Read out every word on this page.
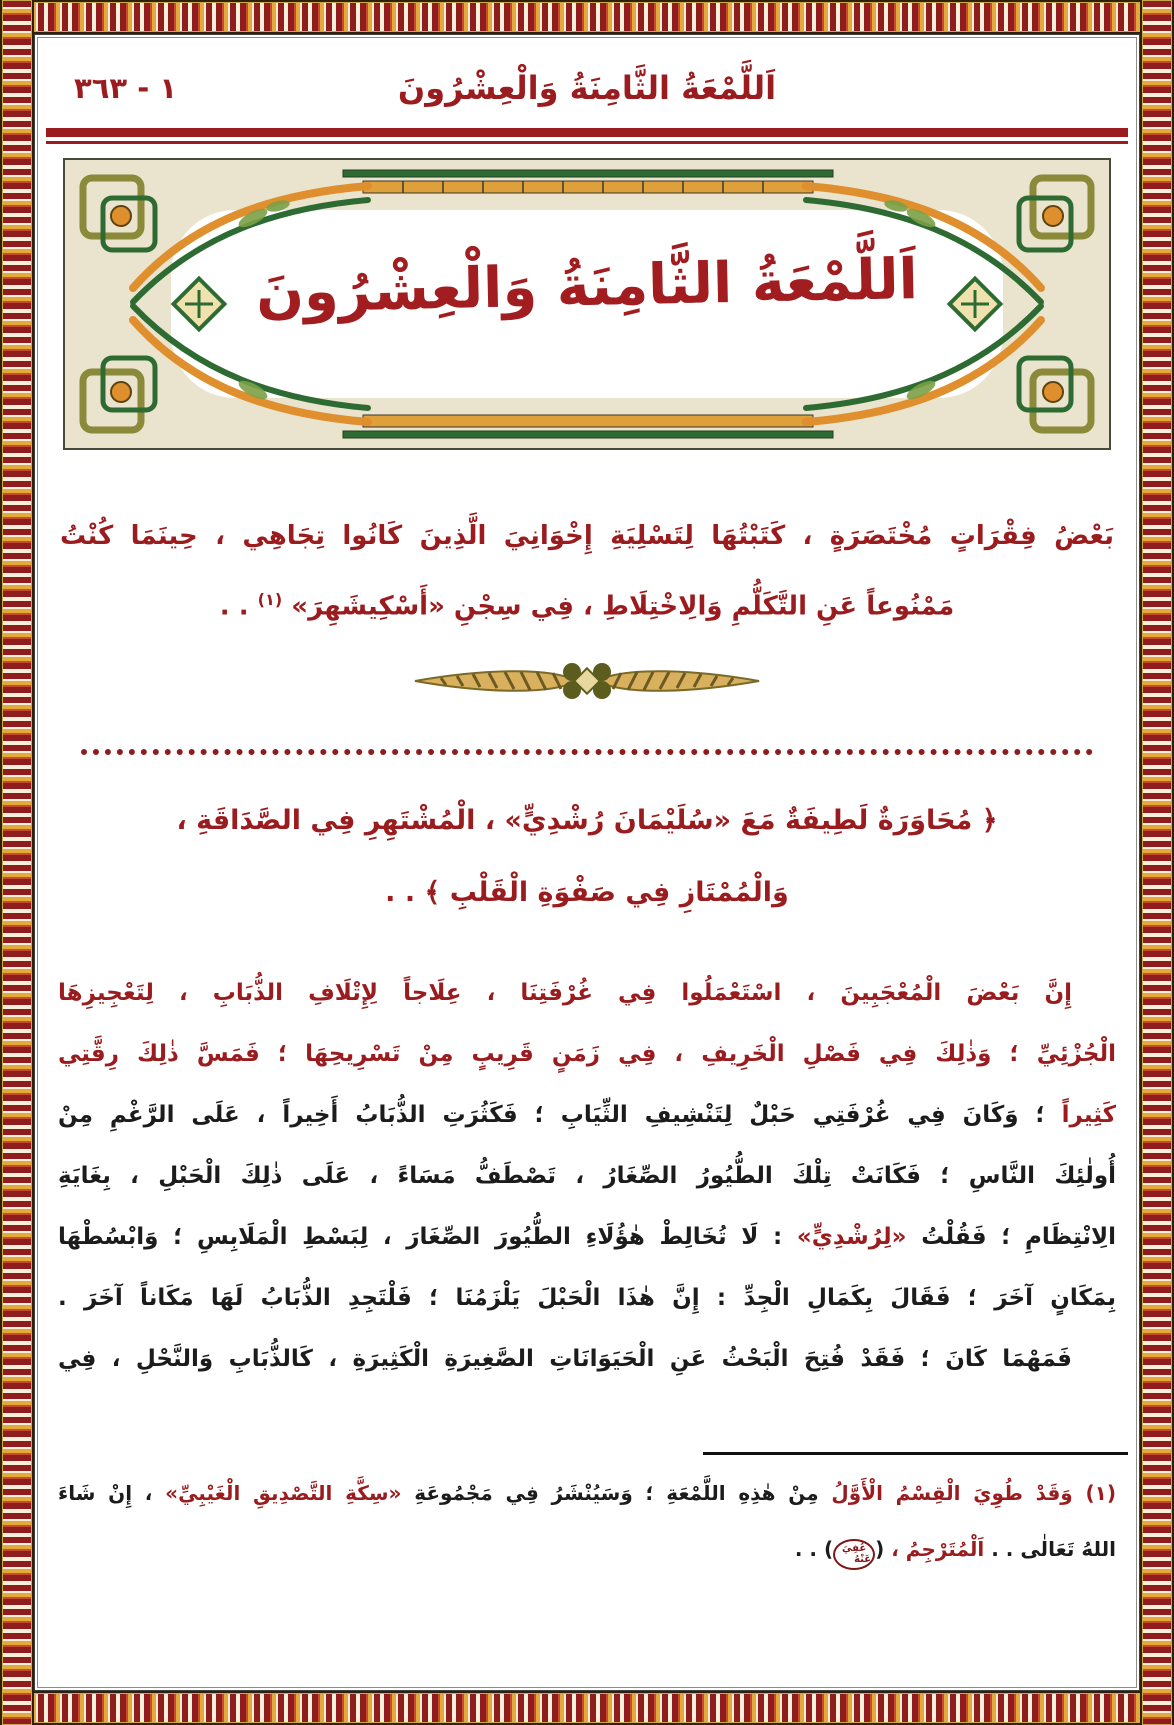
١ - ٣٦٣	اَللَّمْعَةُ الثَّامِنَةُ وَالْعِشْرُونَ
اَللَّمْعَةُ الثَّامِنَةُ وَالْعِشْرُونَ
بَعْضُ فِقْرَاتٍ مُخْتَصَرَةٍ ، كَتَبْتُهَا لِتَسْلِيَةِ إِخْوَانِيَ الَّذِينَ كَانُوا تِجَاهِي ، حِينَمَا كُنْتُ
مَمْنُوعاً عَنِ التَّكَلُّمِ وَالِاخْتِلَاطِ ، فِي سِجْنِ «أَسْكِيشَهِرَ» $^{(١)}$ . .
﴿ مُحَاوَرَةٌ لَطِيفَةٌ مَعَ «سُلَيْمَانَ رُشْدِيٍّ» ، الْمُشْتَهِرِ فِي الصَّدَاقَةِ ،
وَالْمُمْتَازِ فِي صَفْوَةِ الْقَلْبِ ﴾ . .
إِنَّ بَعْضَ الْمُعْجَبِينَ ، اسْتَعْمَلُوا فِي غُرْفَتِنَا ، عِلَاجاً لِإِتْلَافِ الذُّبَابِ ، لِتَعْجِيزِهَا
الْجُزْئِيِّ ؛ وَذٰلِكَ فِي فَصْلِ الْخَرِيفِ ، فِي زَمَنٍ قَرِيبٍ مِنْ تَسْرِيحِهَا ؛ فَمَسَّ ذٰلِكَ رِقَّتِي
كَثِيراً ؛ وَكَانَ فِي غُرْفَتِي حَبْلٌ لِتَنْشِيفِ الثِّيَابِ ؛ فَكَثُرَتِ الذُّبَابُ أَخِيراً ، عَلَى الرَّغْمِ مِنْ
أُولٰئِكَ النَّاسِ ؛ فَكَانَتْ تِلْكَ الطُّيُورُ الصِّغَارُ ، تَصْطَفُّ مَسَاءً ، عَلَى ذٰلِكَ الْحَبْلِ ، بِغَايَةِ
الِانْتِظَامِ ؛ فَقُلْتُ «لِرُشْدِيٍّ» : لَا تُخَالِطْ هٰؤُلَاءِ الطُّيُورَ الصِّغَارَ ، لِبَسْطِ الْمَلَابِسِ ؛ وَابْسُطْهَا
بِمَكَانٍ آخَرَ ؛ فَقَالَ بِكَمَالِ الْجِدِّ : إِنَّ هٰذَا الْحَبْلَ يَلْزَمُنَا ؛ فَلْتَجِدِ الذُّبَابُ لَهَا مَكَاناً آخَرَ .
فَمَهْمَا كَانَ ؛ فَقَدْ فُتِحَ الْبَحْثُ عَنِ الْحَيَوَانَاتِ الصَّغِيرَةِ الْكَثِيرَةِ ، كَالذُّبَابِ وَالنَّحْلِ ، فِي
(١) وَقَدْ طُوِيَ الْقِسْمُ الْأَوَّلُ مِنْ هٰذِهِ اللَّمْعَةِ ؛ وَسَيُنْشَرُ فِي مَجْمُوعَةِ «سِكَّةِ التَّصْدِيقِ الْغَيْبِيِّ» ، إِنْ شَاءَ
اللهُ تَعَالٰى . . اَلْمُتَرْجِمُ ، (عُفِيَ عَنْهُ) . .
